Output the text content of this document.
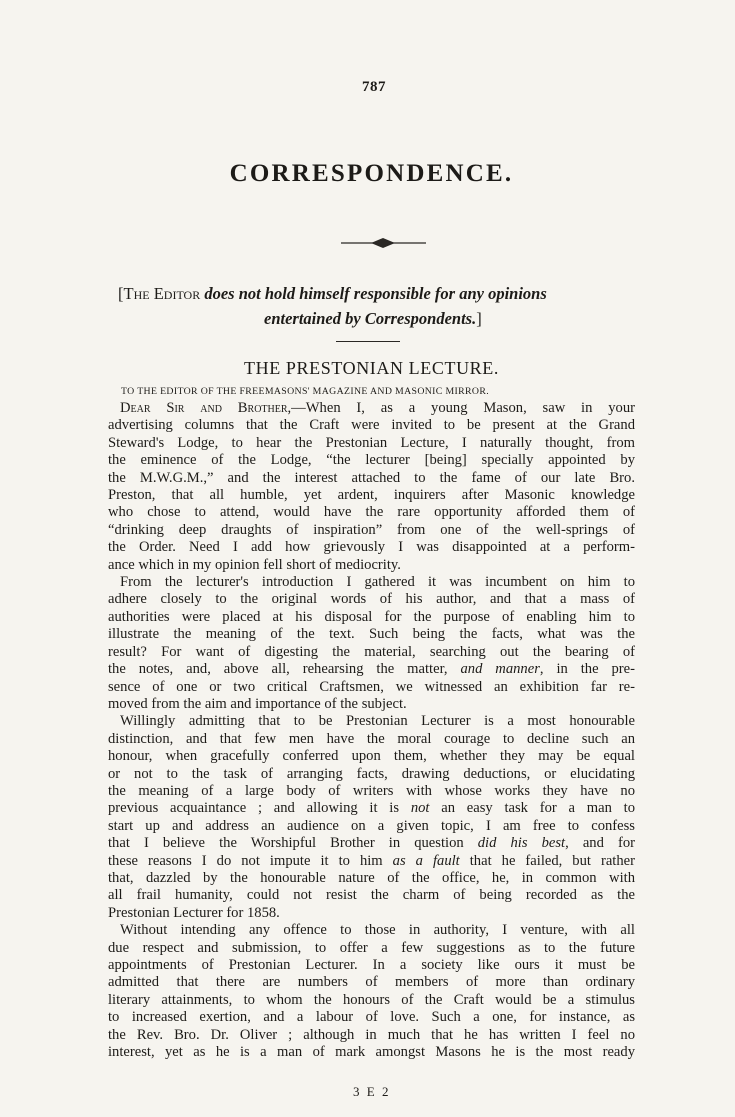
787
CORRESPONDENCE.
[The Editor does not hold himself responsible for any opinions
entertained by Correspondents.]
THE PRESTONIAN LECTURE.
TO THE EDITOR OF THE FREEMASONS' MAGAZINE AND MASONIC MIRROR.
Dear Sir and Brother,—When I, as a young Mason, saw in your
advertising columns that the Craft were invited to be present at the Grand
Steward's Lodge, to hear the Prestonian Lecture, I naturally thought, from
the eminence of the Lodge, “the lecturer [being] specially appointed by
the M.W.G.M.,” and the interest attached to the fame of our late Bro.
Preston, that all humble, yet ardent, inquirers after Masonic knowledge
who chose to attend, would have the rare opportunity afforded them of
“drinking deep draughts of inspiration” from one of the well-springs of
the Order. Need I add how grievously I was disappointed at a perform-
ance which in my opinion fell short of mediocrity.
From the lecturer's introduction I gathered it was incumbent on him to
adhere closely to the original words of his author, and that a mass of
authorities were placed at his disposal for the purpose of enabling him to
illustrate the meaning of the text. Such being the facts, what was the
result? For want of digesting the material, searching out the bearing of
the notes, and, above all, rehearsing the matter, and manner, in the pre-
sence of one or two critical Craftsmen, we witnessed an exhibition far re-
moved from the aim and importance of the subject.
Willingly admitting that to be Prestonian Lecturer is a most honourable
distinction, and that few men have the moral courage to decline such an
honour, when gracefully conferred upon them, whether they may be equal
or not to the task of arranging facts, drawing deductions, or elucidating
the meaning of a large body of writers with whose works they have no
previous acquaintance ; and allowing it is not an easy task for a man to
start up and address an audience on a given topic, I am free to confess
that I believe the Worshipful Brother in question did his best, and for
these reasons I do not impute it to him as a fault that he failed, but rather
that, dazzled by the honourable nature of the office, he, in common with
all frail humanity, could not resist the charm of being recorded as the
Prestonian Lecturer for 1858.
Without intending any offence to those in authority, I venture, with all
due respect and submission, to offer a few suggestions as to the future
appointments of Prestonian Lecturer. In a society like ours it must be
admitted that there are numbers of members of more than ordinary
literary attainments, to whom the honours of the Craft would be a stimulus
to increased exertion, and a labour of love. Such a one, for instance, as
the Rev. Bro. Dr. Oliver ; although in much that he has written I feel no
interest, yet as he is a man of mark amongst Masons he is the most ready
3 E 2
